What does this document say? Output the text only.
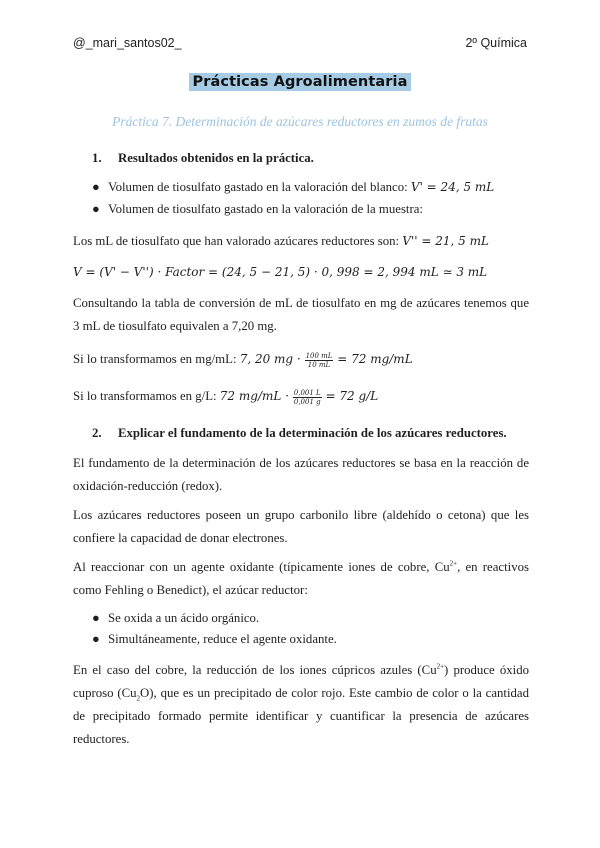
@_mari_santos02_	2º Química
Prácticas Agroalimentaria
Práctica 7. Determinación de azúcares reductores en zumos de frutas
1. Resultados obtenidos en la práctica.
● Volumen de tiosulfato gastado en la valoración del blanco: V' = 24, 5 mL
● Volumen de tiosulfato gastado en la valoración de la muestra:
Los mL de tiosulfato que han valorado azúcares reductores son: V'' = 21, 5 mL
V = (V' − V'') · Factor = (24, 5 − 21, 5) · 0, 998 = 2, 994 mL ≃ 3 mL
Consultando la tabla de conversión de mL de tiosulfato en mg de azúcares tenemos que 3 mL de tiosulfato equivalen a 7,20 mg.
Si lo transformamos en mg/mL: 7, 20 mg · $\frac{100 mL}{10 mL} = 72$ mg/mL
Si lo transformamos en g/L: 72 $mg/mL \cdot \frac{0,001 L}{0,001 g} = 72$ g/L
2. Explicar el fundamento de la determinación de los azúcares reductores.
El fundamento de la determinación de los azúcares reductores se basa en la reacción de oxidación-reducción (redox).
Los azúcares reductores poseen un grupo carbonilo libre (aldehído o cetona) que les confiere la capacidad de donar electrones.
Al reaccionar con un agente oxidante (típicamente iones de cobre, $Cu^{2+}$, en reactivos como Fehling o Benedict), el azúcar reductor:
● Se oxida a un ácido orgánico.
● Simultáneamente, reduce el agente oxidante.
En el caso del cobre, la reducción de los iones cúpricos azules $(Cu^{2+})$ produce óxido cuproso $(Cu_2O)$, que es un precipitado de color rojo. Este cambio de color o la cantidad de precipitado formado permite identificar y cuantificar la presencia de azúcares reductores.
